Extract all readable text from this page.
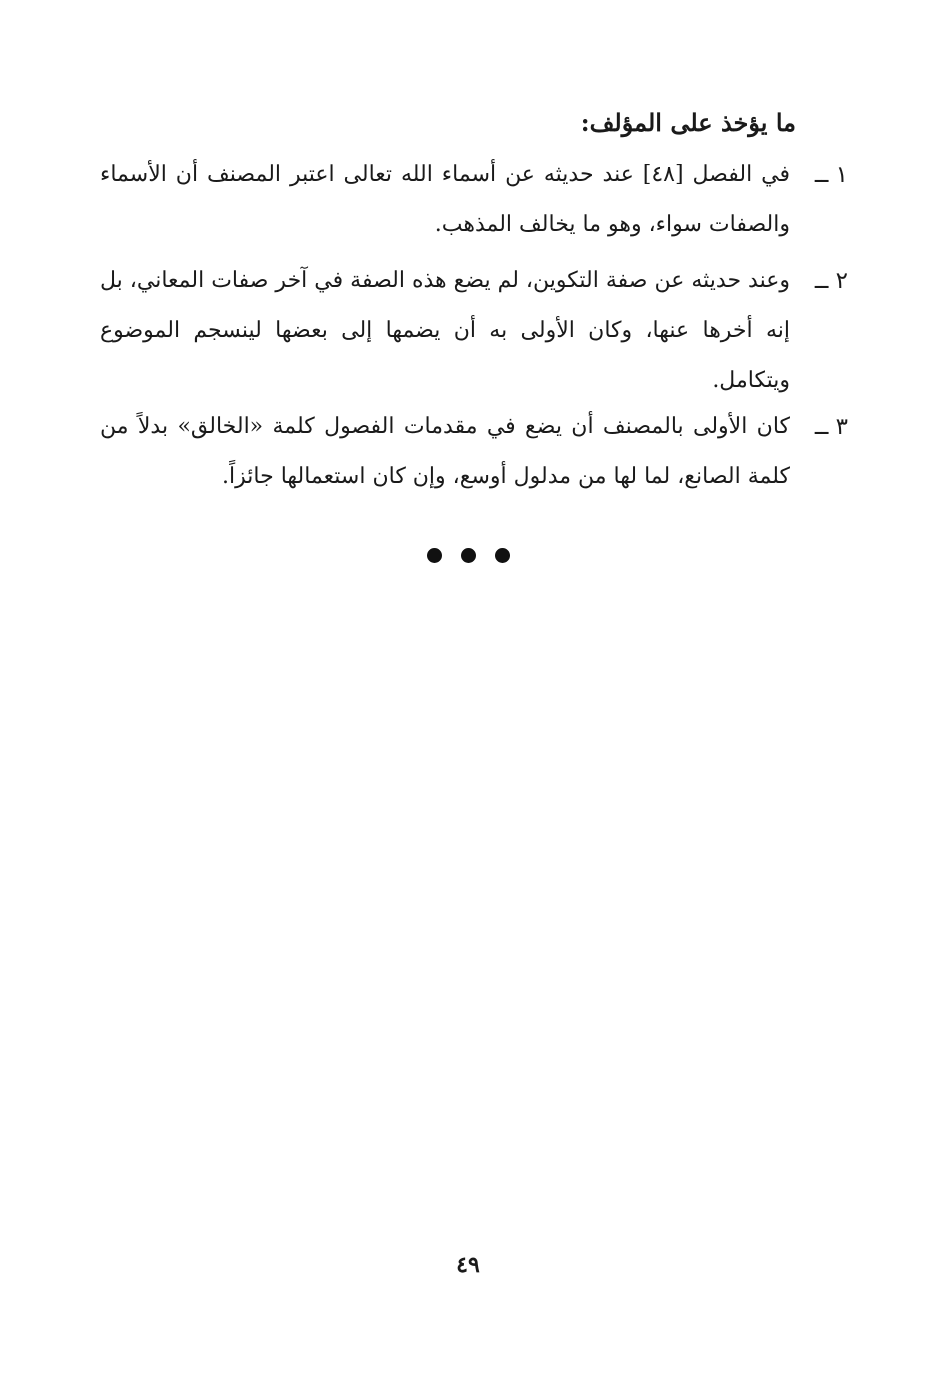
ما يؤخذ على المؤلف:
١ ــ
في الفصل [٤٨] عند حديثه عن أسماء الله تعالى اعتبر المصنف أن الأسماء والصفات سواء، وهو ما يخالف المذهب.
٢ ــ
وعند حديثه عن صفة التكوين، لم يضع هذه الصفة في آخر صفات المعاني، بل إنه أخرها عنها، وكان الأولى به أن يضمها إلى بعضها لينسجم الموضوع ويتكامل.
٣ ــ
كان الأولى بالمصنف أن يضع في مقدمات الفصول كلمة «الخالق» بدلاً من كلمة الصانع، لما لها من مدلول أوسع، وإن كان استعمالها جائزاً.
٤٩
